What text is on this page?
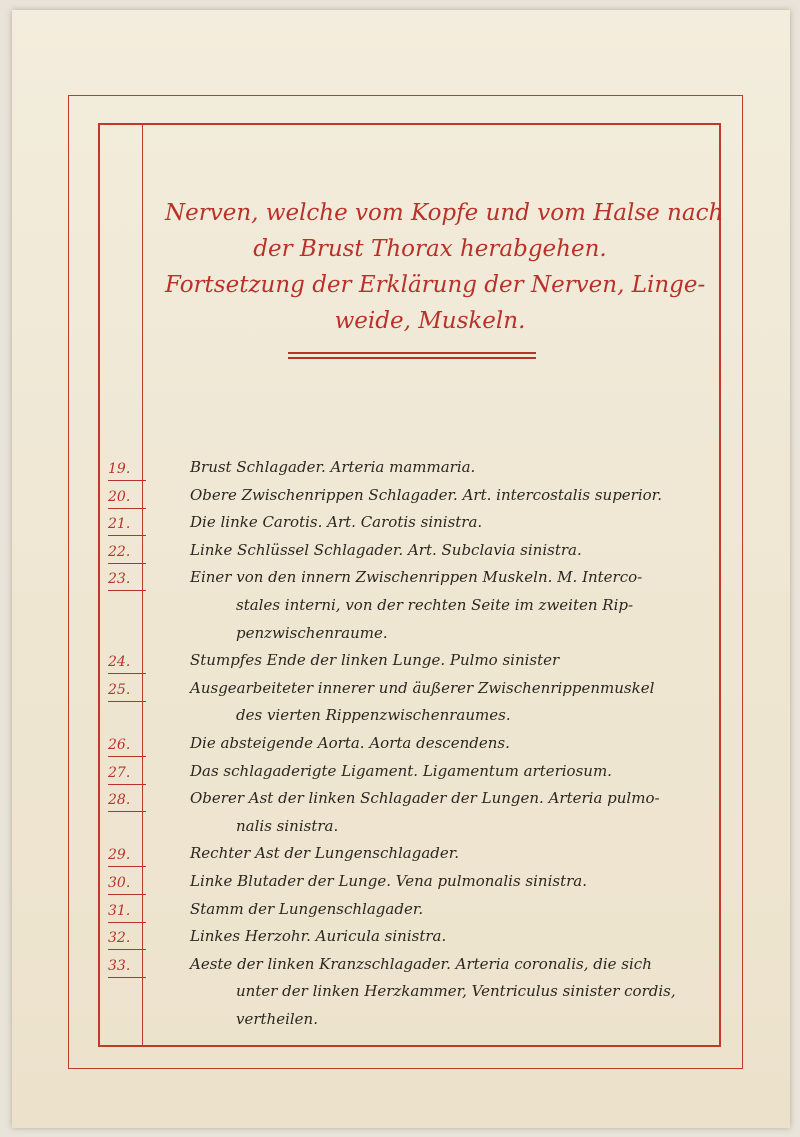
Nerven, welche vom Kopfe und vom Halse nach
der Brust Thorax herabgehen.
Fortsetzung der Erklärung der Nerven, Linge-
weide, Muskeln.
19.	Brust Schlagader. Arteria mammaria.
20.	Obere Zwischenrippen Schlagader. Art. intercostalis superior.
21.	Die linke Carotis. Art. Carotis sinistra.
22.	Linke Schlüssel Schlagader. Art. Subclavia sinistra.
23.	Einer von den innern Zwischenrippen Muskeln. M. Interco-
stales interni, von der rechten Seite im zweiten Rip-
penzwischenraume.
24.	Stumpfes Ende der linken Lunge. Pulmo sinister
25.	Ausgearbeiteter innerer und äußerer Zwischenrippenmuskel
des vierten Rippenzwischenraumes.
26.	Die absteigende Aorta. Aorta descendens.
27.	Das schlagaderigte Ligament. Ligamentum arteriosum.
28.	Oberer Ast der linken Schlagader der Lungen. Arteria pulmo-
nalis sinistra.
29.	Rechter Ast der Lungenschlagader.
30.	Linke Blutader der Lunge. Vena pulmonalis sinistra.
31.	Stamm der Lungenschlagader.
32.	Linkes Herzohr. Auricula sinistra.
33.	Aeste der linken Kranzschlagader. Arteria coronalis, die sich
unter der linken Herzkammer, Ventriculus sinister cordis,
vertheilen.
